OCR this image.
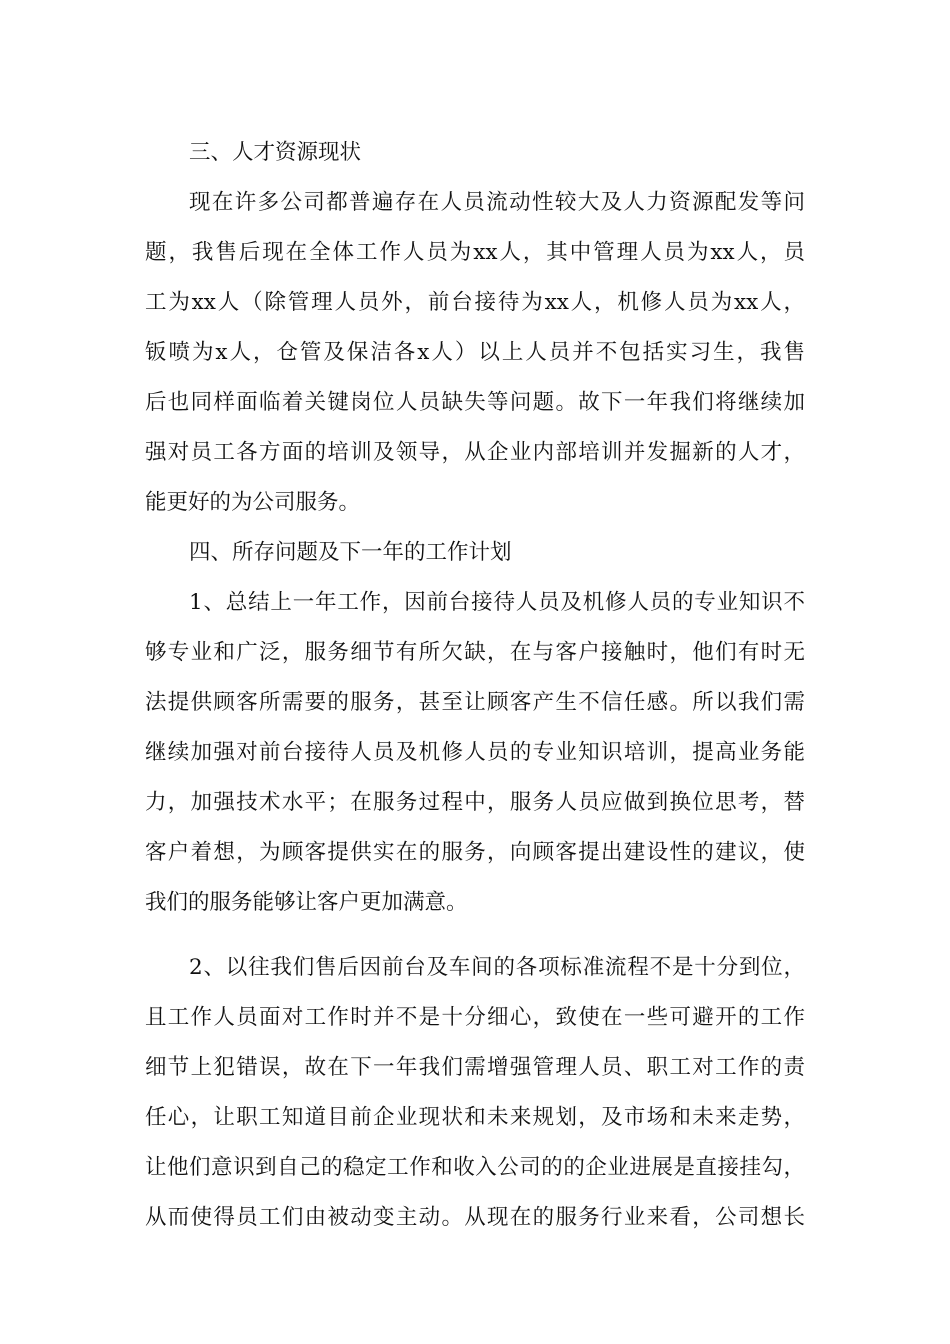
三、人才资源现状
现在许多公司都普遍存在人员流动性较大及人力资源配发等问
题，我售后现在全体工作人员为xx人，其中管理人员为xx人，员
工为xx人（除管理人员外，前台接待为xx人，机修人员为xx人，
钣喷为x人，仓管及保洁各x人）以上人员并不包括实习生，我售
后也同样面临着关键岗位人员缺失等问题。故下一年我们将继续加
强对员工各方面的培训及领导，从企业内部培训并发掘新的人才，
能更好的为公司服务。
四、所存问题及下一年的工作计划
1、总结上一年工作，因前台接待人员及机修人员的专业知识不
够专业和广泛，服务细节有所欠缺，在与客户接触时，他们有时无
法提供顾客所需要的服务，甚至让顾客产生不信任感。所以我们需
继续加强对前台接待人员及机修人员的专业知识培训，提高业务能
力，加强技术水平；在服务过程中，服务人员应做到换位思考，替
客户着想，为顾客提供实在的服务，向顾客提出建设性的建议，使
我们的服务能够让客户更加满意。
2、以往我们售后因前台及车间的各项标准流程不是十分到位，
且工作人员面对工作时并不是十分细心，致使在一些可避开的工作
细节上犯错误，故在下一年我们需增强管理人员、职工对工作的责
任心，让职工知道目前企业现状和未来规划，及市场和未来走势，
让他们意识到自己的稳定工作和收入公司的的企业进展是直接挂勾，
从而使得员工们由被动变主动。从现在的服务行业来看，公司想长
